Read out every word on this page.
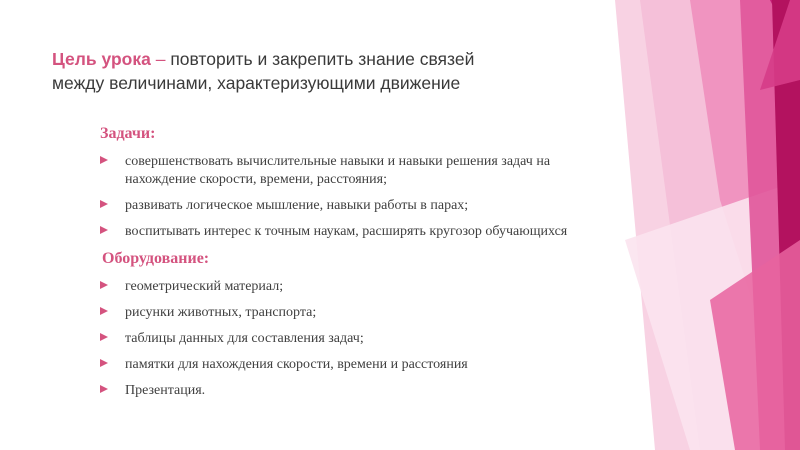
Цель урока – повторить и закрепить знание связей
между величинами, характеризующими движение
Задачи:
совершенствовать вычислительные навыки и навыки решения задач на нахождение скорости, времени, расстояния;
развивать логическое мышление, навыки работы в парах;
воспитывать интерес к точным наукам, расширять кругозор обучающихся
Оборудование:
геометрический материал;
рисунки животных, транспорта;
таблицы данных для составления задач;
памятки для нахождения скорости, времени и расстояния
Презентация.
